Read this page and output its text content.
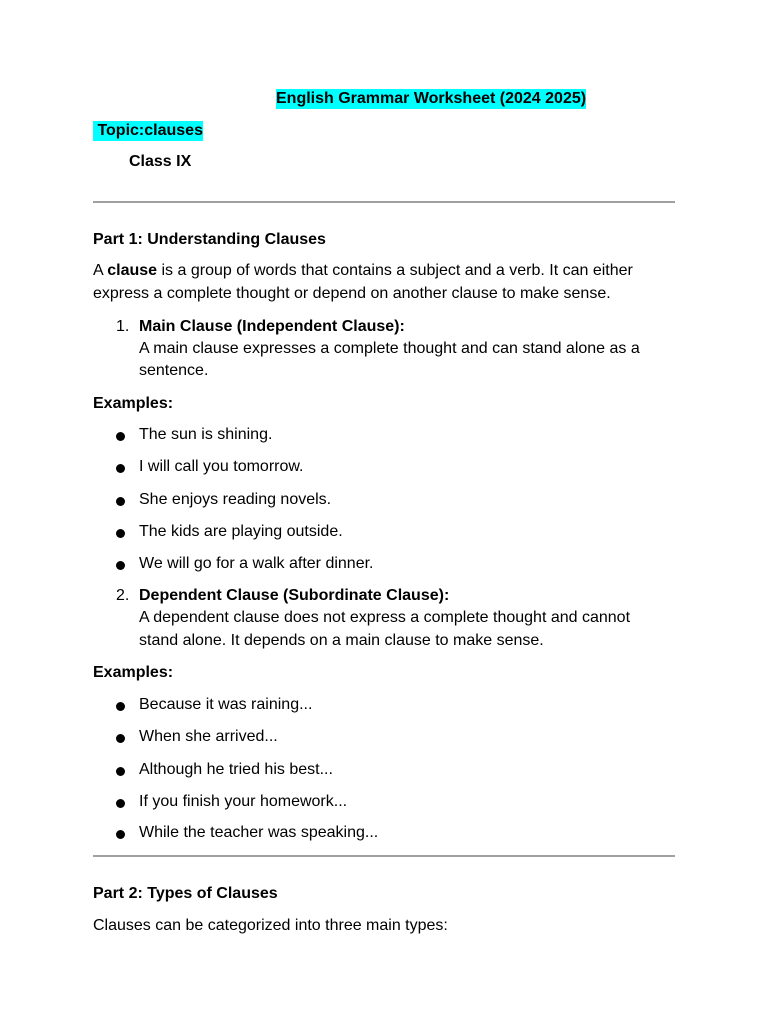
English Grammar Worksheet (2024 2025)
Topic:clauses
Class IX
Part 1: Understanding Clauses
A clause is a group of words that contains a subject and a verb. It can either
express a complete thought or depend on another clause to make sense.
1. Main Clause (Independent Clause):
A main clause expresses a complete thought and can stand alone as a
sentence.
Examples:
The sun is shining.
I will call you tomorrow.
She enjoys reading novels.
The kids are playing outside.
We will go for a walk after dinner.
2. Dependent Clause (Subordinate Clause):
A dependent clause does not express a complete thought and cannot
stand alone. It depends on a main clause to make sense.
Examples:
Because it was raining...
When she arrived...
Although he tried his best...
If you finish your homework...
While the teacher was speaking...
Part 2: Types of Clauses
Clauses can be categorized into three main types:
